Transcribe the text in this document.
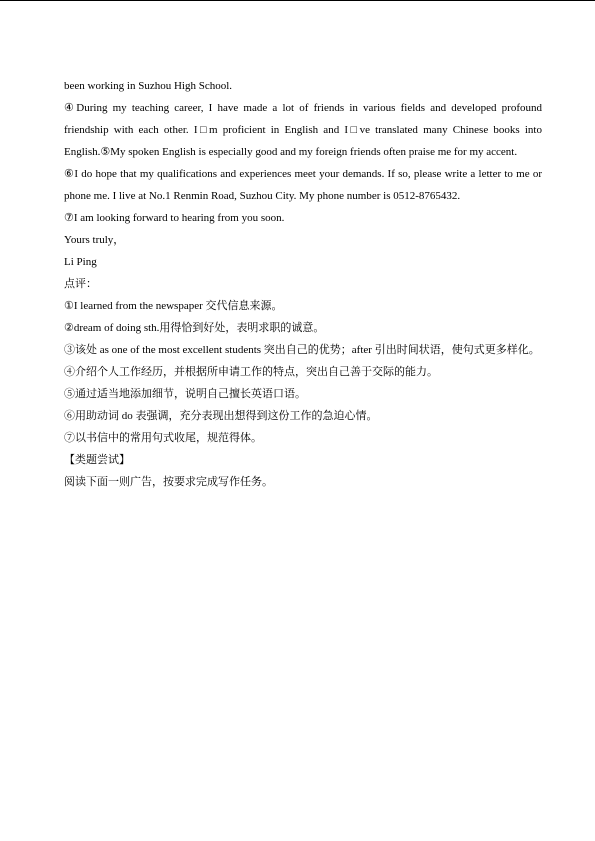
been working in Suzhou High School.

④During my teaching career, I have made a lot of friends in various fields and developed profound friendship with each other. I□m proficient in English and I□ve translated many Chinese books into English.⑤My spoken English is especially good and my foreign friends often praise me for my accent.

⑥I do hope that my qualifications and experiences meet your demands. If so, please write a letter to me or phone me. I live at No.1 Renmin Road, Suzhou City. My phone number is 0512-8765432.

⑦I am looking forward to hearing from you soon.

Yours truly，

Li Ping

点评：

①I learned from the newspaper 交代信息来源。

②dream of doing sth.用得恰到好处，表明求职的诚意。

③该处 as one of the most excellent students 突出自己的优势；after 引出时间状语，使句式更多样化。

④介绍个人工作经历，并根据所申请工作的特点，突出自己善于交际的能力。

⑤通过适当地添加细节，说明自己擅长英语口语。

⑥用助动词 do 表强调，充分表现出想得到这份工作的急迫心情。

⑦以书信中的常用句式收尾，规范得体。

【类题尝试】

阅读下面一则广告，按要求完成写作任务。
